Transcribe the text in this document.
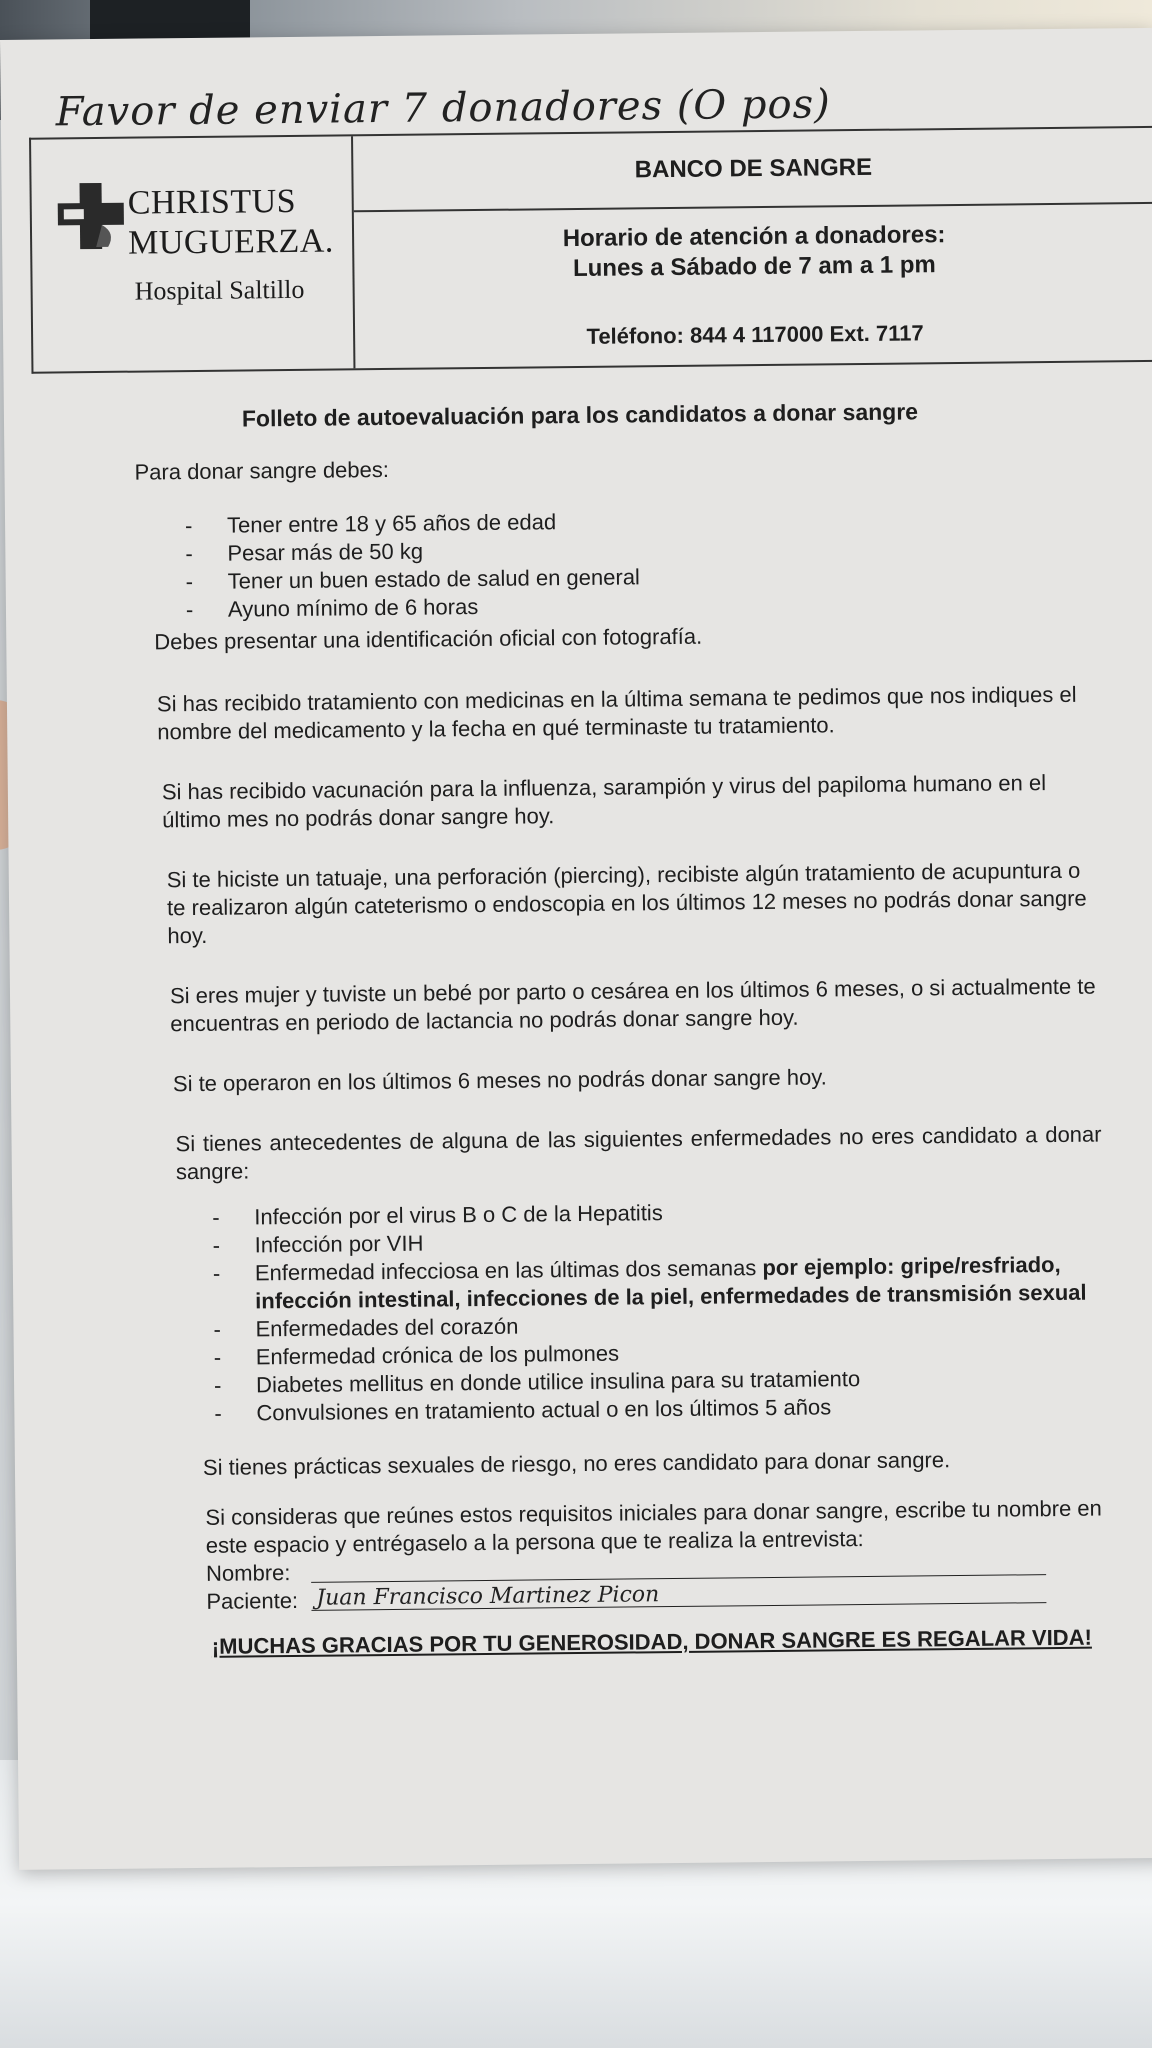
Favor de enviar 7 donadores (O pos)
CHRISTUS
MUGUERZA.
Hospital Saltillo
BANCO DE SANGRE
Horario de atención a donadores:
Lunes a Sábado de 7 am a 1 pm
Teléfono: 844 4 117000 Ext. 7117
Folleto de autoevaluación para los candidatos a donar sangre

Para donar sangre debes:

- Tener entre 18 y 65 años de edad
- Pesar más de 50 kg
- Tener un buen estado de salud en general
- Ayuno mínimo de 6 horas

Debes presentar una identificación oficial con fotografía.

Si has recibido tratamiento con medicinas en la última semana te pedimos que nos indiques el nombre del medicamento y la fecha en qué terminaste tu tratamiento.

Si has recibido vacunación para la influenza, sarampión y virus del papiloma humano en el último mes no podrás donar sangre hoy.

Si te hiciste un tatuaje, una perforación (piercing), recibiste algún tratamiento de acupuntura o te realizaron algún cateterismo o endoscopia en los últimos 12 meses no podrás donar sangre hoy.

Si eres mujer y tuviste un bebé por parto o cesárea en los últimos 6 meses, o si actualmente te encuentras en periodo de lactancia no podrás donar sangre hoy.

Si te operaron en los últimos 6 meses no podrás donar sangre hoy.

Si tienes antecedentes de alguna de las siguientes enfermedades no eres candidato a donar sangre:

- Infección por el virus B o C de la Hepatitis
- Infección por VIH
- Enfermedad infecciosa en las últimas dos semanas por ejemplo: gripe/resfriado, infección intestinal, infecciones de la piel, enfermedades de transmisión sexual
- Enfermedades del corazón
- Enfermedad crónica de los pulmones
- Diabetes mellitus en donde utilice insulina para su tratamiento
- Convulsiones en tratamiento actual o en los últimos 5 años

Si tienes prácticas sexuales de riesgo, no eres candidato para donar sangre.

Si consideras que reúnes estos requisitos iniciales para donar sangre, escribe tu nombre en este espacio y entrégaselo a la persona que te realiza la entrevista:

Nombre:
Paciente: Juan Francisco Martinez Picon
¡MUCHAS GRACIAS POR TU GENEROSIDAD, DONAR SANGRE ES REGALAR VIDA!
